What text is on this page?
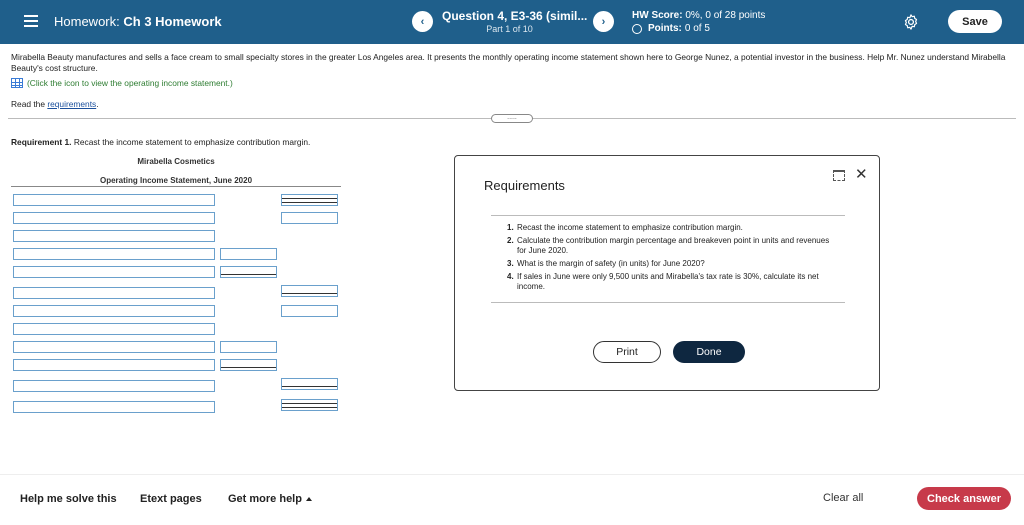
Homework: Ch 3 Homework	‹	Question 4, E3-36 (simil...
Part 1 of 10
›	HW Score: 0%, 0 of 28 points
Points: 0 of 5
Save
Mirabella Beauty manufactures and sells a face cream to small specialty stores in the greater Los Angeles area. It presents the monthly operating income statement shown here to George Nunez, a potential investor in the business. Help Mr. Nunez understand Mirabella Beauty's cost structure.
(Click the icon to view the operating income statement.)
Read the requirements.
.....
Requirement 1. Recast the income statement to emphasize contribution margin.
Mirabella Cosmetics
Operating Income Statement, June 2020	Requirements
✕
1. Recast the income statement to emphasize contribution margin.
2. Calculate the contribution margin percentage and breakeven point in units and revenues for June 2020.
3. What is the margin of safety (in units) for June 2020?
4. If sales in June were only 9,500 units and Mirabella's tax rate is 30%, calculate its net income.
Print	Done
Help me solve this Etext pages Get more help	Clear all	Check answer
